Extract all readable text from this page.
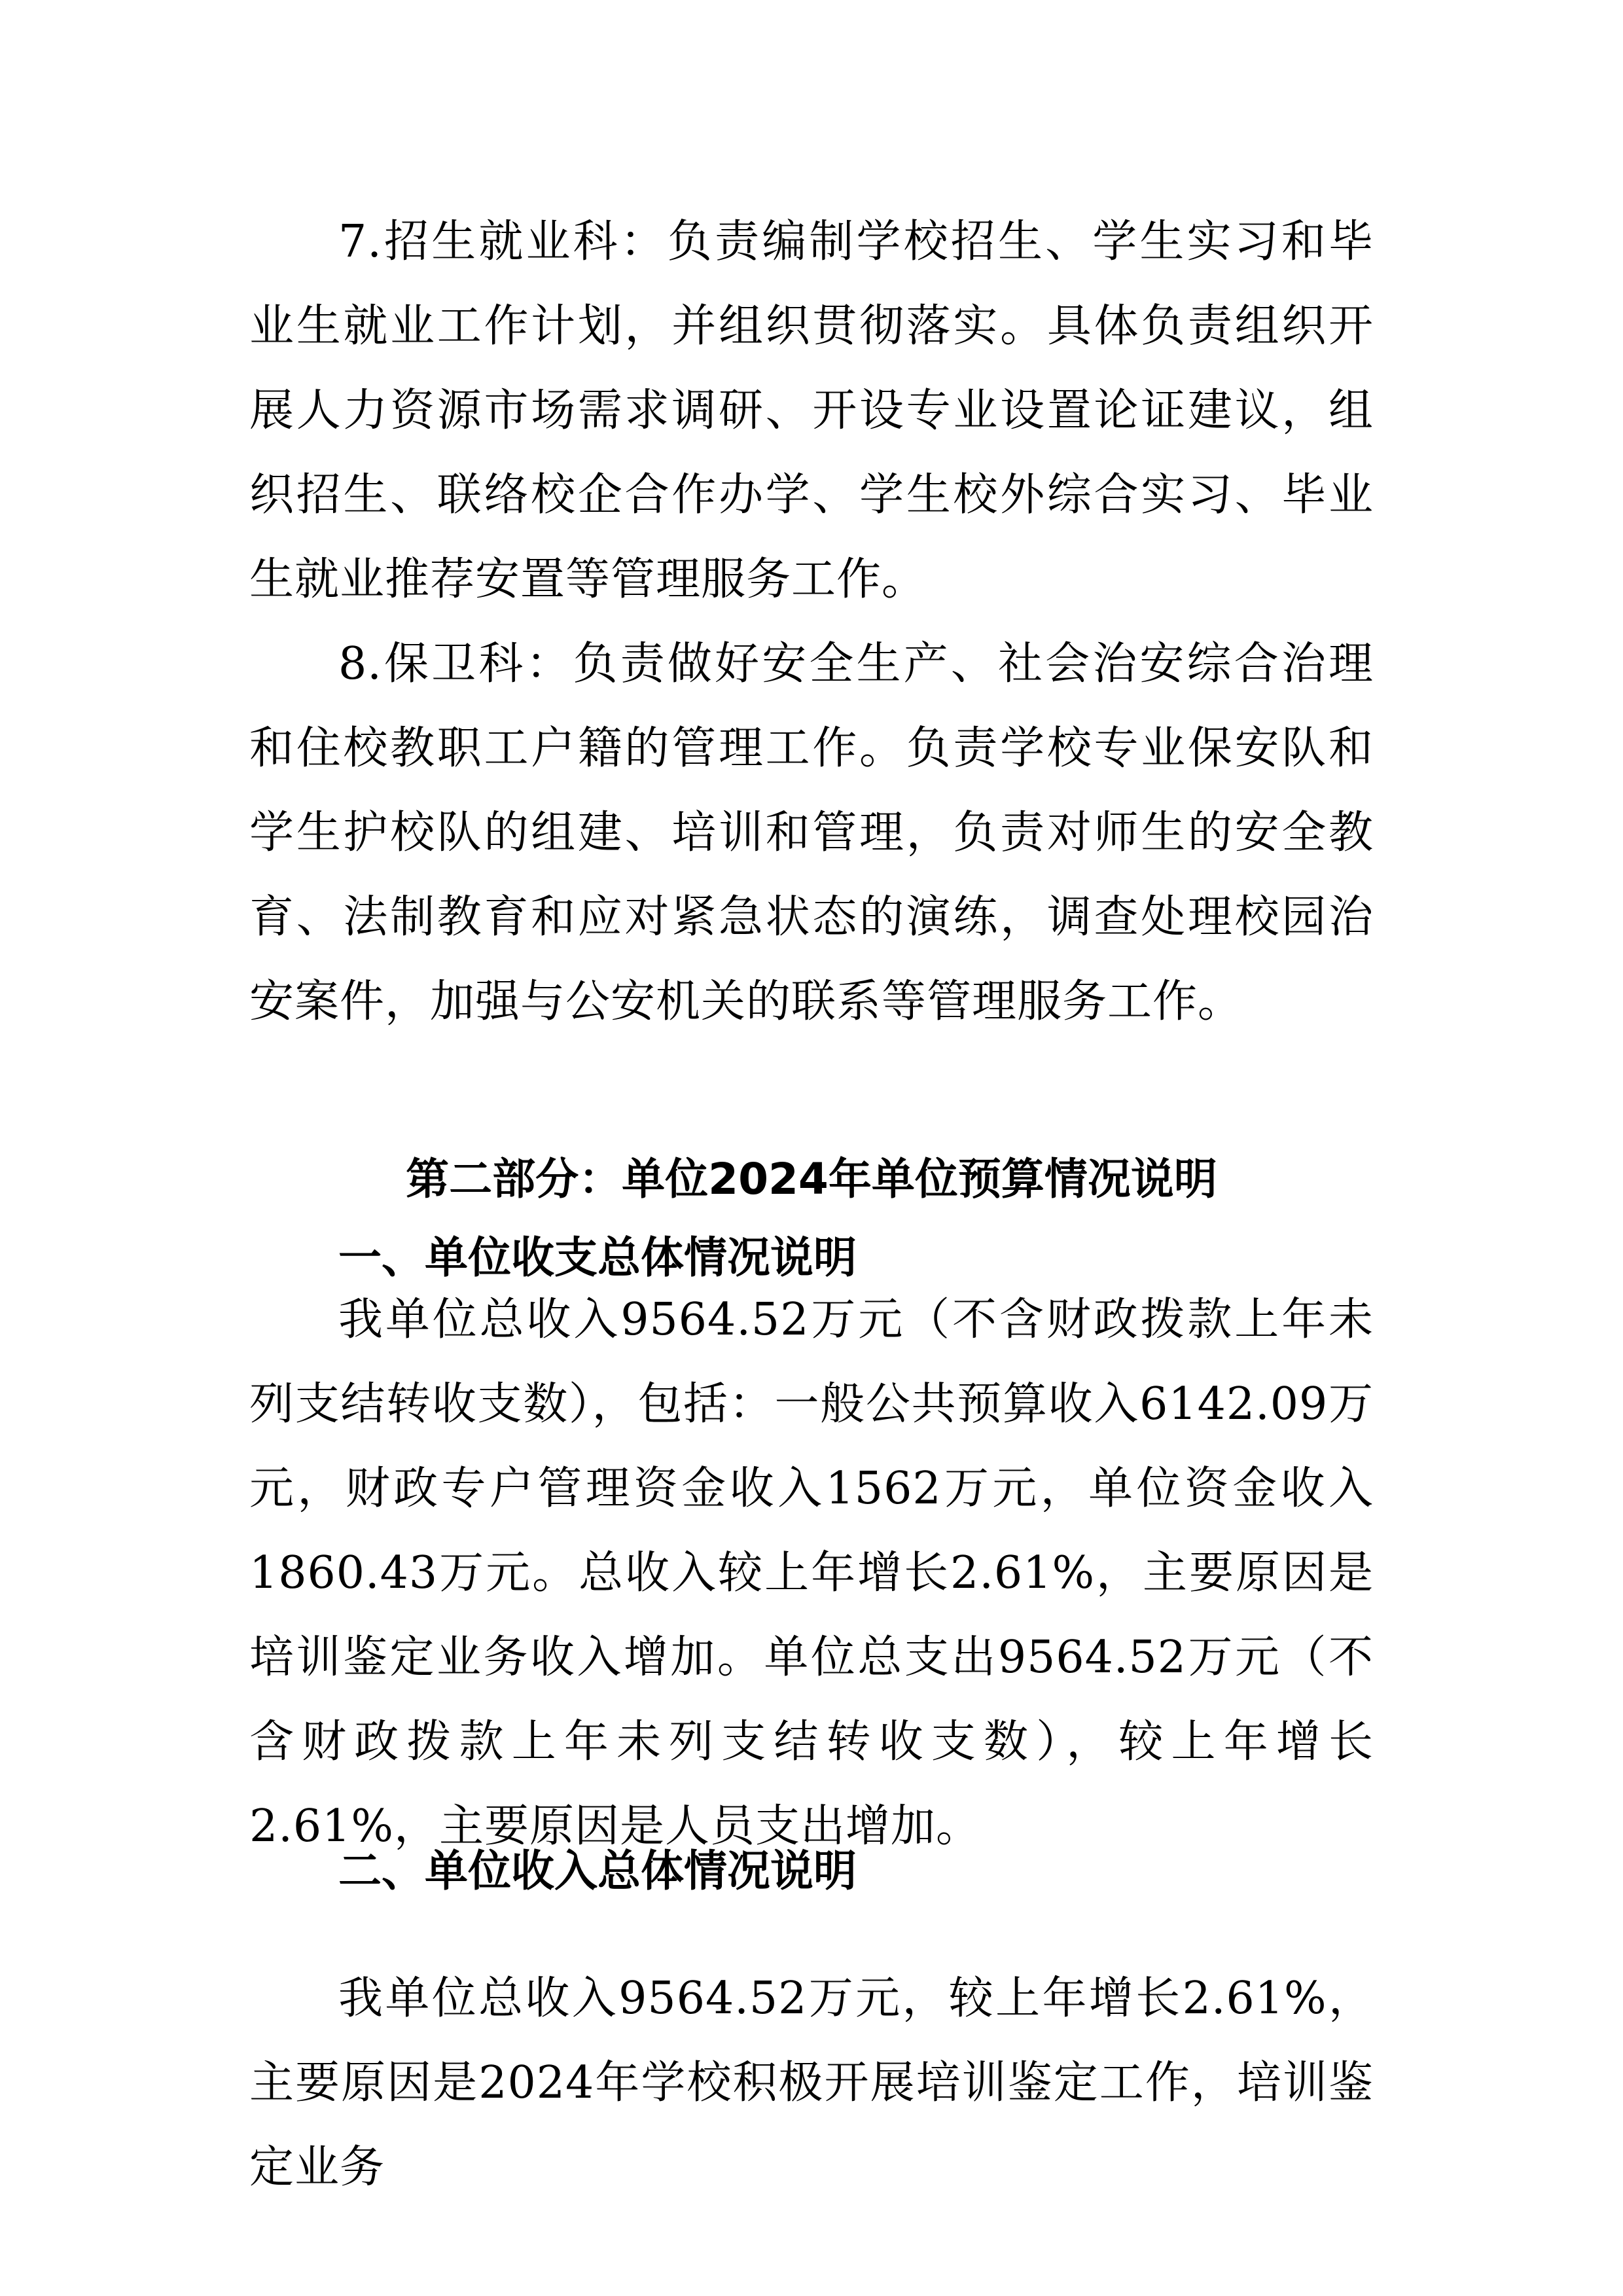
7.招生就业科：负责编制学校招生、学生实习和毕业生就业工作计划，并组织贯彻落实。具体负责组织开展人力资源市场需求调研、开设专业设置论证建议，组织招生、联络校企合作办学、学生校外综合实习、毕业生就业推荐安置等管理服务工作。

8.保卫科：负责做好安全生产、社会治安综合治理和住校教职工户籍的管理工作。负责学校专业保安队和学生护校队的组建、培训和管理，负责对师生的安全教育、法制教育和应对紧急状态的演练，调查处理校园治安案件，加强与公安机关的联系等管理服务工作。

第二部分：单位2024年单位预算情况说明
一、单位收支总体情况说明

我单位总收入9564.52万元（不含财政拨款上年未列支结转收支数），包括：一般公共预算收入6142.09万元，财政专户管理资金收入1562万元，单位资金收入1860.43万元。总收入较上年增长2.61%，主要原因是培训鉴定业务收入增加。单位总支出9564.52万元（不含财政拨款上年未列支结转收支数），较上年增长2.61%，主要原因是人员支出增加。

二、单位收入总体情况说明

我单位总收入9564.52万元，较上年增长2.61%，主要原因是2024年学校积极开展培训鉴定工作，培训鉴定业务
